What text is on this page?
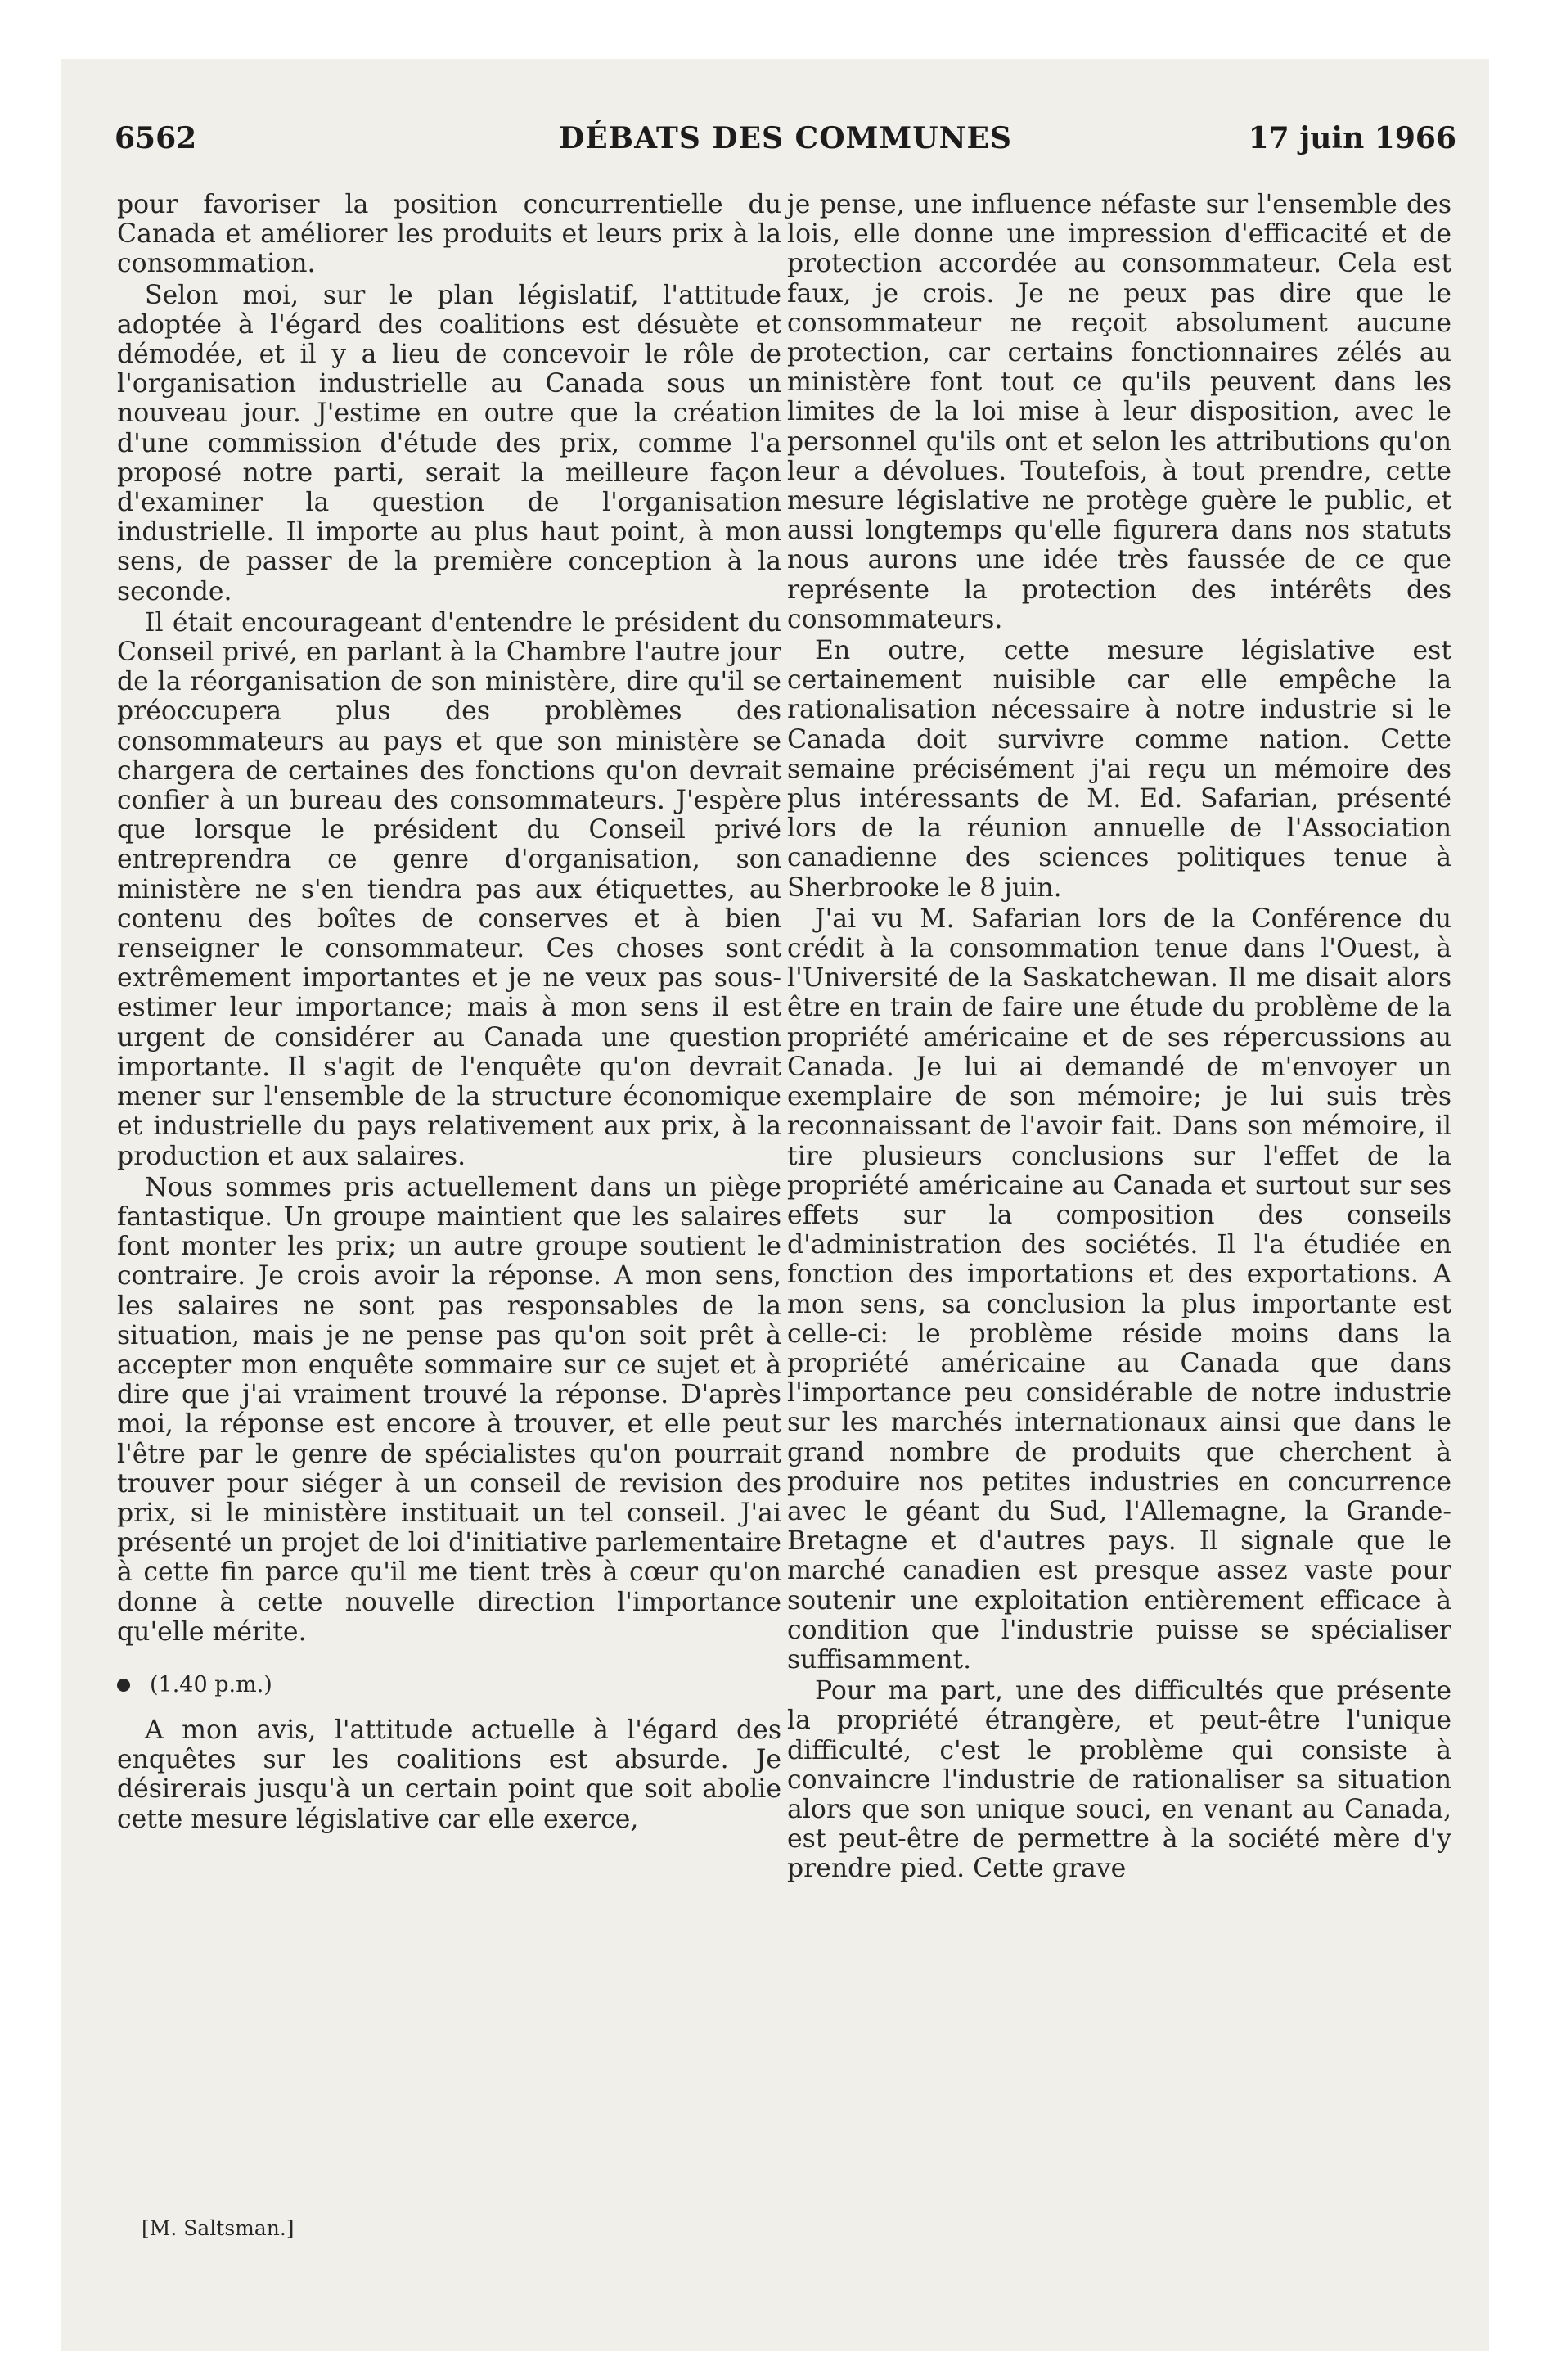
6562	DÉBATS DES COMMUNES	17 juin 1966

pour favoriser la position concurrentielle du Canada et améliorer les produits et leurs prix à la consommation.

Selon moi, sur le plan législatif, l'attitude adoptée à l'égard des coalitions est désuète et démodée, et il y a lieu de concevoir le rôle de l'organisation industrielle au Canada sous un nouveau jour. J'estime en outre que la création d'une commission d'étude des prix, comme l'a proposé notre parti, serait la meilleure façon d'examiner la question de l'organisation industrielle. Il importe au plus haut point, à mon sens, de passer de la première conception à la seconde.

Il était encourageant d'entendre le président du Conseil privé, en parlant à la Chambre l'autre jour de la réorganisation de son ministère, dire qu'il se préoccupera plus des problèmes des consommateurs au pays et que son ministère se chargera de certaines des fonctions qu'on devrait confier à un bureau des consommateurs. J'espère que lorsque le président du Conseil privé entreprendra ce genre d'organisation, son ministère ne s'en tiendra pas aux étiquettes, au contenu des boîtes de conserves et à bien renseigner le consommateur. Ces choses sont extrêmement importantes et je ne veux pas sous-estimer leur importance; mais à mon sens il est urgent de considérer au Canada une question importante. Il s'agit de l'enquête qu'on devrait mener sur l'ensemble de la structure économique et industrielle du pays relativement aux prix, à la production et aux salaires.

Nous sommes pris actuellement dans un piège fantastique. Un groupe maintient que les salaires font monter les prix; un autre groupe soutient le contraire. Je crois avoir la réponse. A mon sens, les salaires ne sont pas responsables de la situation, mais je ne pense pas qu'on soit prêt à accepter mon enquête sommaire sur ce sujet et à dire que j'ai vraiment trouvé la réponse. D'après moi, la réponse est encore à trouver, et elle peut l'être par le genre de spécialistes qu'on pourrait trouver pour siéger à un conseil de revision des prix, si le ministère instituait un tel conseil. J'ai présenté un projet de loi d'initiative parlementaire à cette fin parce qu'il me tient très à cœur qu'on donne à cette nouvelle direction l'importance qu'elle mérite.

(1.40 p.m.)

A mon avis, l'attitude actuelle à l'égard des enquêtes sur les coalitions est absurde. Je désirerais jusqu'à un certain point que soit abolie cette mesure législative car elle exerce,

[M. Saltsman.]

je pense, une influence néfaste sur l'ensemble des lois, elle donne une impression d'efficacité et de protection accordée au consommateur. Cela est faux, je crois. Je ne peux pas dire que le consommateur ne reçoit absolument aucune protection, car certains fonctionnaires zélés au ministère font tout ce qu'ils peuvent dans les limites de la loi mise à leur disposition, avec le personnel qu'ils ont et selon les attributions qu'on leur a dévolues. Toutefois, à tout prendre, cette mesure législative ne protège guère le public, et aussi longtemps qu'elle figurera dans nos statuts nous aurons une idée très faussée de ce que représente la protection des intérêts des consommateurs.

En outre, cette mesure législative est certainement nuisible car elle empêche la rationalisation nécessaire à notre industrie si le Canada doit survivre comme nation. Cette semaine précisément j'ai reçu un mémoire des plus intéressants de M. Ed. Safarian, présenté lors de la réunion annuelle de l'Association canadienne des sciences politiques tenue à Sherbrooke le 8 juin.

J'ai vu M. Safarian lors de la Conférence du crédit à la consommation tenue dans l'Ouest, à l'Université de la Saskatchewan. Il me disait alors être en train de faire une étude du problème de la propriété américaine et de ses répercussions au Canada. Je lui ai demandé de m'envoyer un exemplaire de son mémoire; je lui suis très reconnaissant de l'avoir fait. Dans son mémoire, il tire plusieurs conclusions sur l'effet de la propriété américaine au Canada et surtout sur ses effets sur la composition des conseils d'administration des sociétés. Il l'a étudiée en fonction des importations et des exportations. A mon sens, sa conclusion la plus importante est celle-ci: le problème réside moins dans la propriété américaine au Canada que dans l'importance peu considérable de notre industrie sur les marchés internationaux ainsi que dans le grand nombre de produits que cherchent à produire nos petites industries en concurrence avec le géant du Sud, l'Allemagne, la Grande-Bretagne et d'autres pays. Il signale que le marché canadien est presque assez vaste pour soutenir une exploitation entièrement efficace à condition que l'industrie puisse se spécialiser suffisamment.

Pour ma part, une des difficultés que présente la propriété étrangère, et peut-être l'unique difficulté, c'est le problème qui consiste à convaincre l'industrie de rationaliser sa situation alors que son unique souci, en venant au Canada, est peut-être de permettre à la société mère d'y prendre pied. Cette grave
